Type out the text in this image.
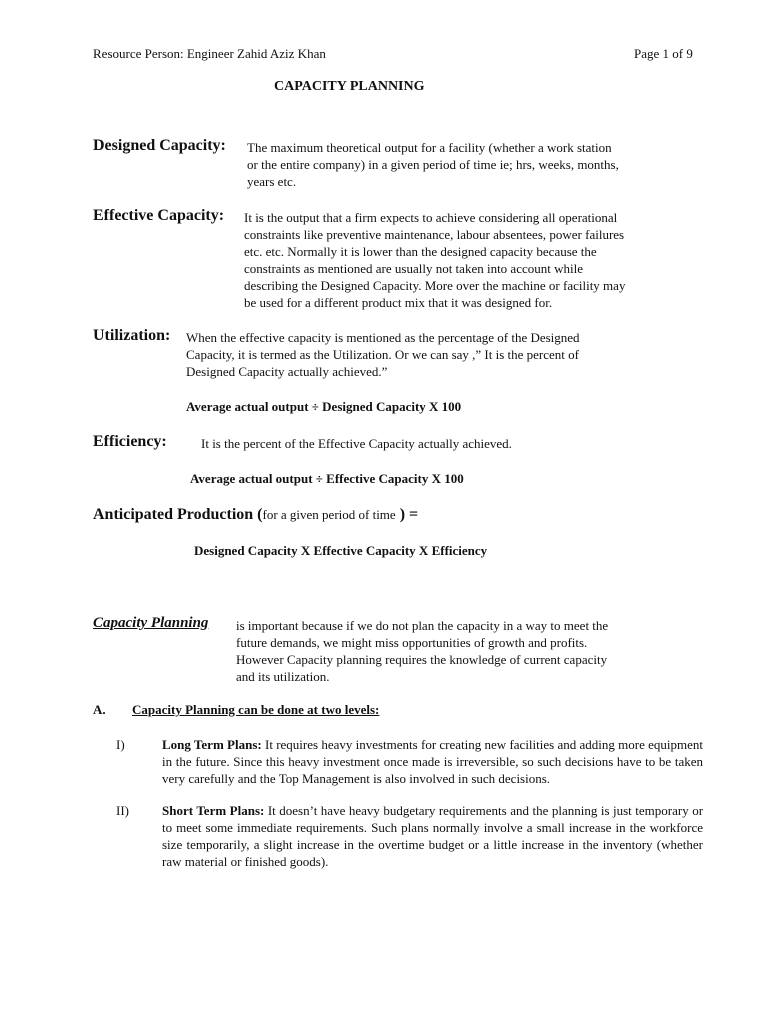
Resource Person: Engineer Zahid Aziz Khan	Page 1 of 9
CAPACITY PLANNING
Designed Capacity: The maximum theoretical output for a facility (whether a work station
or the entire company) in a given period of time ie; hrs, weeks, months,
years etc.
Effective Capacity: It is the output that a firm expects to achieve considering all operational
constraints like preventive maintenance, labour absentees, power failures
etc. etc. Normally it is lower than the designed capacity because the
constraints as mentioned are usually not taken into account while
describing the Designed Capacity. More over the machine or facility may
be used for a different product mix that it was designed for.
Utilization: When the effective capacity is mentioned as the percentage of the Designed
Capacity, it is termed as the Utilization. Or we can say ,” It is the percent of
Designed Capacity actually achieved.”
Average actual output ÷ Designed Capacity X 100
Efficiency:	It is the percent of the Effective Capacity actually achieved.
Average actual output ÷ Effective Capacity X 100
Anticipated Production (for a given period of time ) =
Designed Capacity X Effective Capacity X Efficiency
Capacity Planning is important because if we do not plan the capacity in a way to meet the
future demands, we might miss opportunities of growth and profits.
However Capacity planning requires the knowledge of current capacity
and its utilization.
A. Capacity Planning can be done at two levels:
I)	Long Term Plans: It requires heavy investments for creating new facilities and adding more equipment in the future. Since this heavy investment once made is irreversible, so such decisions have to be taken very carefully and the Top Management is also involved in such decisions.
II)	Short Term Plans: It doesn’t have heavy budgetary requirements and the planning is just temporary or to meet some immediate requirements. Such plans normally involve a small increase in the workforce size temporarily, a slight increase in the overtime budget or a little increase in the inventory (whether raw material or finished goods).
